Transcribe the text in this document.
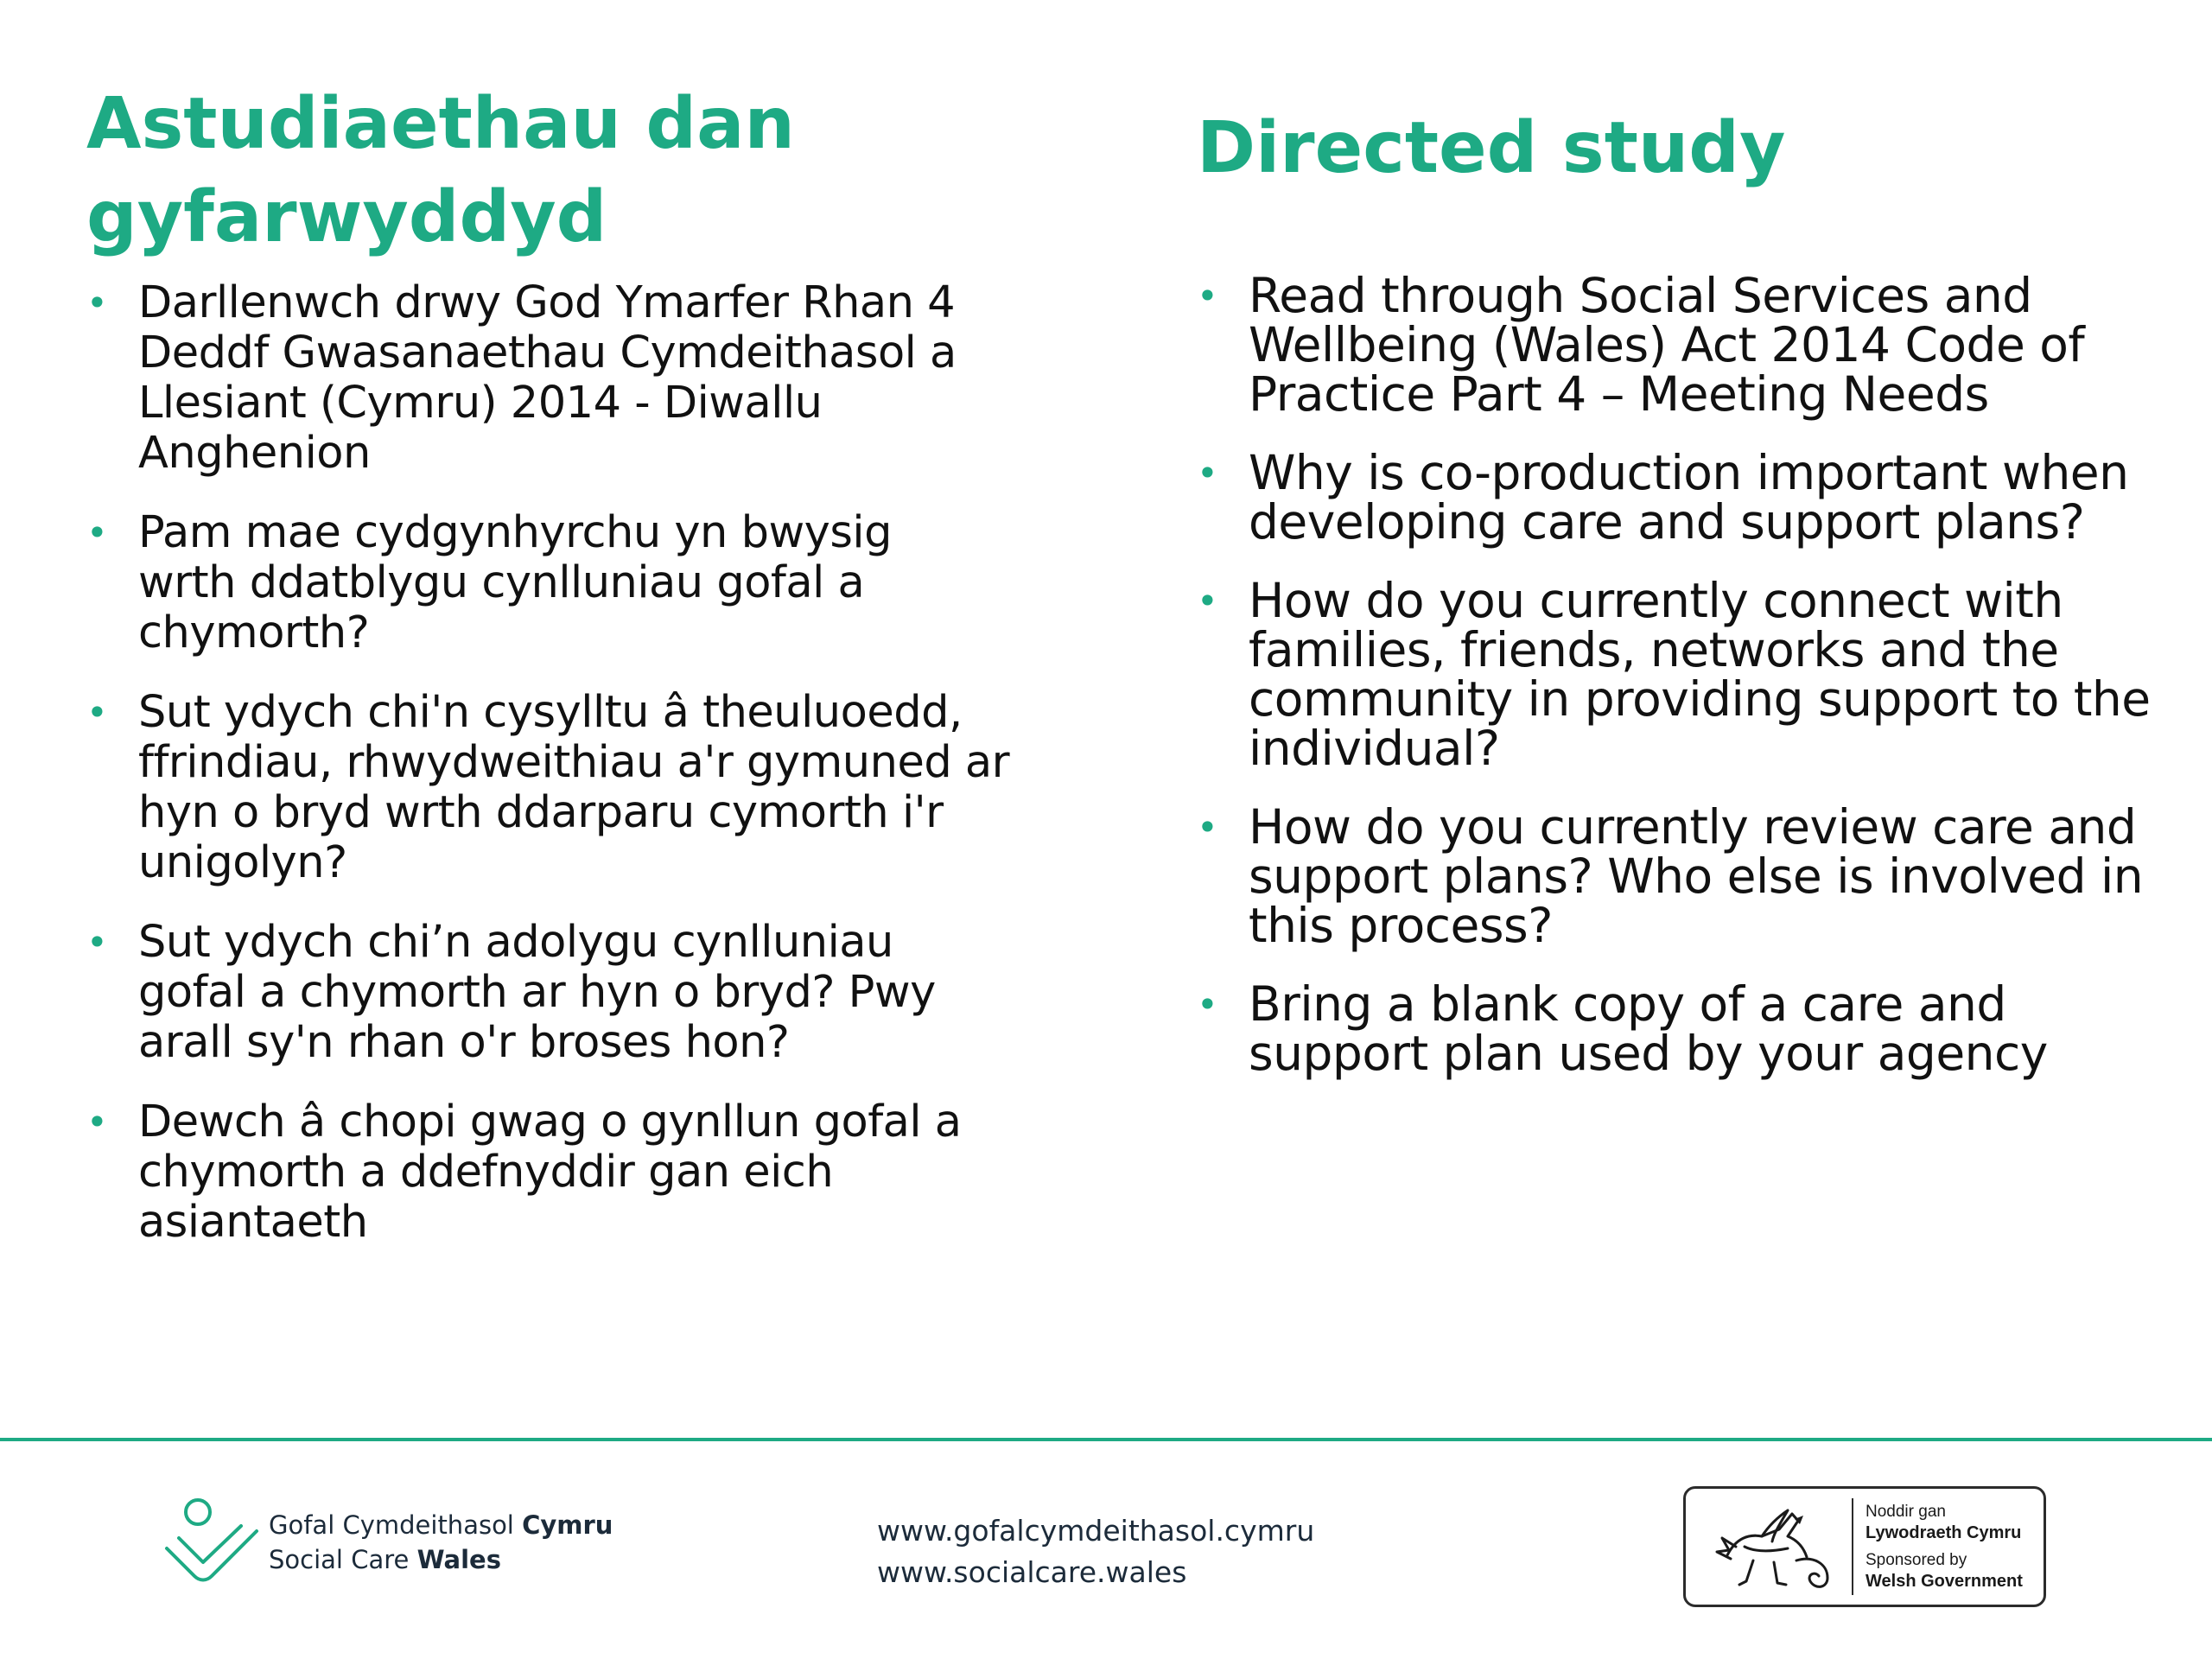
Astudiaethau dan
gyfarwyddyd
• Darllenwch drwy God Ymarfer Rhan 4 Deddf Gwasanaethau Cymdeithasol a Llesiant (Cymru) 2014 - Diwallu Anghenion
• Pam mae cydgynhyrchu yn bwysig wrth ddatblygu cynlluniau gofal a chymorth?
• Sut ydych chi'n cysylltu â theuluoedd, ffrindiau, rhwydweithiau a'r gymuned ar hyn o bryd wrth ddarparu cymorth i'r unigolyn?
• Sut ydych chi’n adolygu cynlluniau gofal a chymorth ar hyn o bryd? Pwy arall sy'n rhan o'r broses hon?
• Dewch â chopi gwag o gynllun gofal a chymorth a ddefnyddir gan eich asiantaeth
Directed study
• Read through Social Services and Wellbeing (Wales) Act 2014 Code of Practice Part 4 – Meeting Needs
• Why is co-production important when developing care and support plans?
• How do you currently connect with families, friends, networks and the community in providing support to the individual?
• How do you currently review care and support plans? Who else is involved in this process?
• Bring a blank copy of a care and support plan used by your agency
Gofal Cymdeithasol Cymru
Social Care Wales
www.gofalcymdeithasol.cymru
www.socialcare.wales
Noddir gan
Lywodraeth Cymru
Sponsored by
Welsh Government
